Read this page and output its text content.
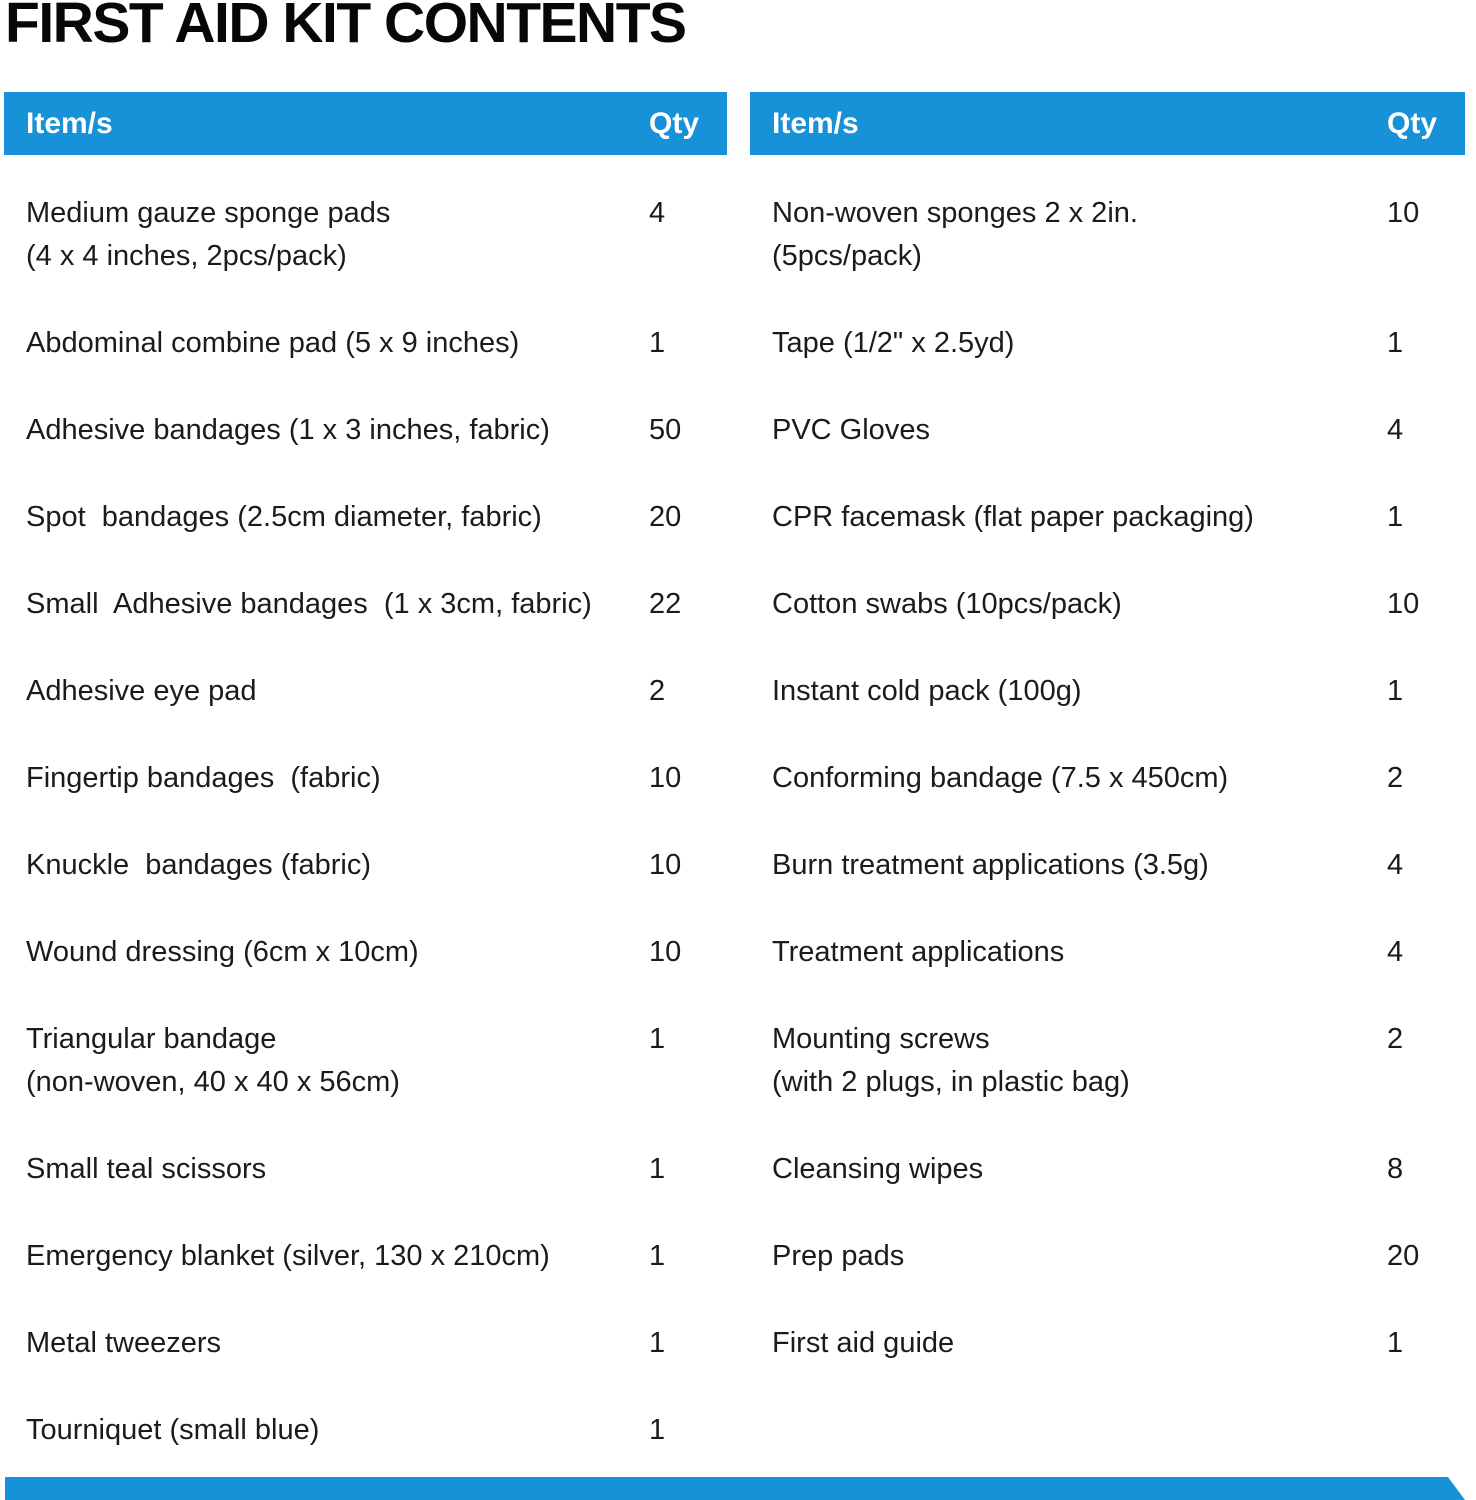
FIRST AID KIT CONTENTS
Item/s	Qty
Medium gauze sponge pads
(4 x 4 inches, 2pcs/pack)
4
Abdominal combine pad (5 x 9 inches)	1
Adhesive bandages (1 x 3 inches, fabric)	50
Spot  bandages (2.5cm diameter, fabric)	20
Small  Adhesive bandages  (1 x 3cm, fabric)	22
Adhesive eye pad	2
Fingertip bandages  (fabric)	10
Knuckle  bandages (fabric)	10
Wound dressing (6cm x 10cm)	10
Triangular bandage
(non-woven, 40 x 40 x 56cm)
1
Small teal scissors	1
Emergency blanket (silver, 130 x 210cm)	1
Metal tweezers	1
Tourniquet (small blue)	1
Item/s	Qty
Non-woven sponges 2 x 2in.
(5pcs/pack)
10
Tape (1/2" x 2.5yd)	1
PVC Gloves	4
CPR facemask (flat paper packaging)	1
Cotton swabs (10pcs/pack)	10
Instant cold pack (100g)	1
Conforming bandage (7.5 x 450cm)	2
Burn treatment applications (3.5g)	4
Treatment applications	4
Mounting screws
(with 2 plugs, in plastic bag)
2
Cleansing wipes	8
Prep pads	20
First aid guide	1
